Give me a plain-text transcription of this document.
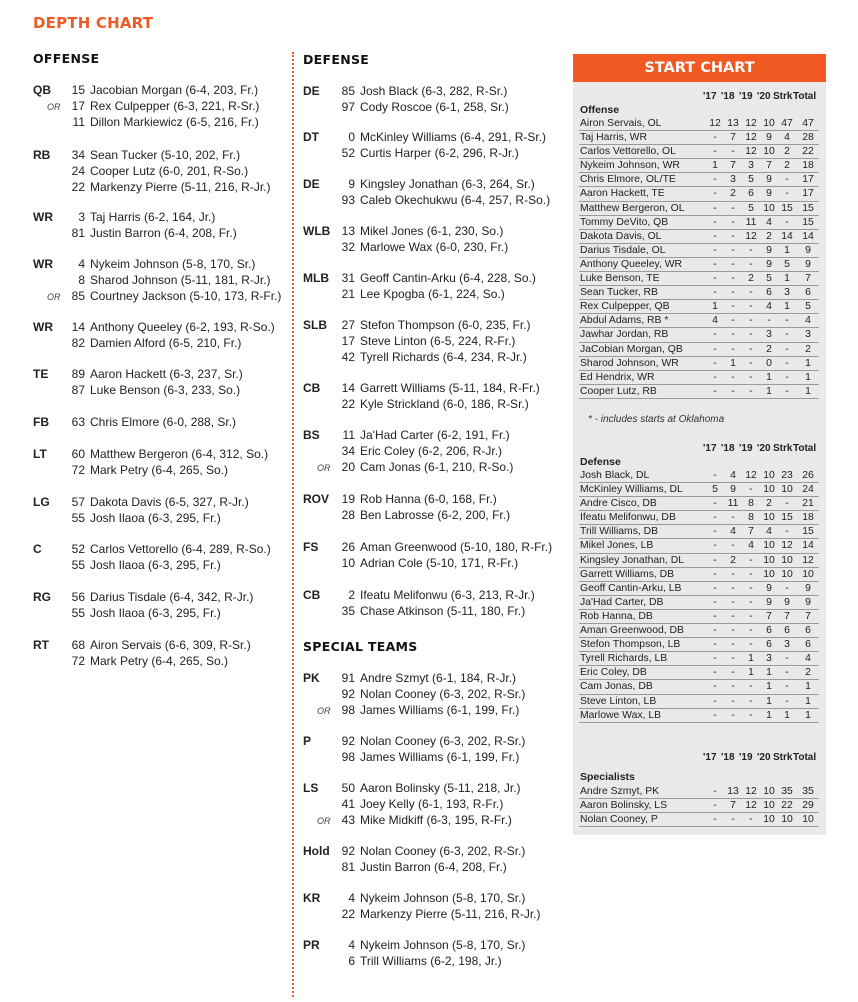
DEPTH CHART
OFFENSE	DEFENSE
SPECIAL TEAMS
QB	15 Jacobian Morgan (6-4, 203, Fr.)
OR 17 Rex Culpepper (6-3, 221, R-Sr.)
11 Dillon Markiewicz (6-5, 216, Fr.)
RB	34 Sean Tucker (5-10, 202, Fr.)
24 Cooper Lutz (6-0, 201, R-So.)
22 Markenzy Pierre (5-11, 216, R-Jr.)
WR	3 Taj Harris (6-2, 164, Jr.)
81 Justin Barron (6-4, 208, Fr.)
WR	4 Nykeim Johnson (5-8, 170, Sr.)
8 Sharod Johnson (5-11, 181, R-Jr.)
OR 85 Courtney Jackson (5-10, 173, R-Fr.)
WR	14 Anthony Queeley (6-2, 193, R-So.)
82 Damien Alford (6-5, 210, Fr.)
TE	89 Aaron Hackett (6-3, 237, Sr.)
87 Luke Benson (6-3, 233, So.)
FB	63 Chris Elmore (6-0, 288, Sr.)
LT	60 Matthew Bergeron (6-4, 312, So.)
72 Mark Petry (6-4, 265, So.)
LG	57 Dakota Davis (6-5, 327, R-Jr.)
55 Josh Ilaoa (6-3, 295, Fr.)
C	52 Carlos Vettorello (6-4, 289, R-So.)
55 Josh Ilaoa (6-3, 295, Fr.)
RG	56 Darius Tisdale (6-4, 342, R-Jr.)
55 Josh Ilaoa (6-3, 295, Fr.)
RT	68 Airon Servais (6-6, 309, R-Sr.)
72 Mark Petry (6-4, 265, So.)
DE	85 Josh Black (6-3, 282, R-Sr.)
97 Cody Roscoe (6-1, 258, Sr.)
DT	0 McKinley Williams (6-4, 291, R-Sr.)
52 Curtis Harper (6-2, 296, R-Jr.)
DE	9 Kingsley Jonathan (6-3, 264, Sr.)
93 Caleb Okechukwu (6-4, 257, R-So.)
WLB 13 Mikel Jones (6-1, 230, So.)
32 Marlowe Wax (6-0, 230, Fr.)
MLB	31 Geoff Cantin-Arku (6-4, 228, So.)
21 Lee Kpogba (6-1, 224, So.)
SLB	27 Stefon Thompson (6-0, 235, Fr.)
17 Steve Linton (6-5, 224, R-Fr.)
42 Tyrell Richards (6-4, 234, R-Jr.)
CB	14 Garrett Williams (5-11, 184, R-Fr.)
22 Kyle Strickland (6-0, 186, R-Sr.)
BS	11 Ja'Had Carter (6-2, 191, Fr.)
34 Eric Coley (6-2, 206, R-Jr.)
OR 20 Cam Jonas (6-1, 210, R-So.)
ROV	19 Rob Hanna (6-0, 168, Fr.)
28 Ben Labrosse (6-2, 200, Fr.)
FS	26 Aman Greenwood (5-10, 180, R-Fr.)
10 Adrian Cole (5-10, 171, R-Fr.)
CB	2 Ifeatu Melifonwu (6-3, 213, R-Jr.)
35 Chase Atkinson (5-11, 180, Fr.)
PK	91 Andre Szmyt (6-1, 184, R-Jr.)
92 Nolan Cooney (6-3, 202, R-Sr.)
OR 98 James Williams (6-1, 199, Fr.)
P	92 Nolan Cooney (6-3, 202, R-Sr.)
98 James Williams (6-1, 199, Fr.)
LS	50 Aaron Bolinsky (5-11, 218, Jr.)
41 Joey Kelly (6-1, 193, R-Fr.)
OR 43 Mike Midkiff (6-3, 195, R-Fr.)
Hold 92 Nolan Cooney (6-3, 202, R-Sr.)
81 Justin Barron (6-4, 208, Fr.)
KR	4 Nykeim Johnson (5-8, 170, Sr.)
22 Markenzy Pierre (5-11, 216, R-Jr.)
PR	4 Nykeim Johnson (5-8, 170, Sr.)
6 Trill Williams (6-2, 198, Jr.)
START CHART
'17 '18 '19 '20 Strk Total
Offense
Airon Servais, OL	12 13 12 10 47 47
Taj Harris, WR	-	7 12 9	4	28
Carlos Vettorello, OL	-	-	12 10 2	22
Nykeim Johnson, WR	1	7	3	7	2	18
Chris Elmore, OL/TE	-	3	5	9	-	17
Aaron Hackett, TE	-	2	6	9	-	17
Matthew Bergeron, OL	-	-	5 10 15 15
Tommy DeVito, QB	-	-	11 4	-	15
Dakota Davis, OL	-	-	12 2 14 14
Darius Tisdale, OL	-	-	-	9	1	9
Anthony Queeley, WR	-	-	-	9	5	9
Luke Benson, TE	-	-	2	5	1	7
Sean Tucker, RB	-	-	-	6	3	6
Rex Culpepper, QB	1	-	-	4	1	5
Abdul Adams, RB *	4	-	-	-	-	4
Jawhar Jordan, RB	-	-	-	3	-	3
JaCobian Morgan, QB	-	-	-	2	-	2
Sharod Johnson, WR	-	1	-	0	-	1
Ed Hendrix, WR	-	-	-	1	-	1
Cooper Lutz, RB	-	-	-	1	-	1
'17 '18 '19 '20 Strk Total
Defense
Josh Black, DL	-	4 12 10 23 26
McKinley Williams, DL	5	9	-	10 10 24
Andre Cisco, DB	-	11 8	2	-	21
Ifeatu Melifonwu, DB	-	-	8 10 15 18
Trill Williams, DB	-	4	7	4	-	15
Mikel Jones, LB	-	-	4 10 12 14
Kingsley Jonathan, DL	-	2	-	10 10 12
Garrett Williams, DB	-	-	-	10 10 10
Geoff Cantin-Arku, LB	-	-	-	9	-	9
Ja'Had Carter, DB	-	-	-	9	9	9
Rob Hanna, DB	-	-	-	7	7	7
Aman Greenwood, DB	-	-	-	6	6	6
Stefon Thompson, LB	-	-	-	6	3	6
Tyrell Richards, LB	-	-	1	3	-	4
Eric Coley, DB	-	-	1	1	-	2
Cam Jonas, DB	-	-	-	1	-	1
Steve Linton, LB	-	-	-	1	-	1
Marlowe Wax, LB	-	-	-	1	1	1
'17 '18 '19 '20 Strk Total
Specialists
Andre Szmyt, PK	-	13 12 10 35 35
Aaron Bolinsky, LS	-	7 12 10 22 29
Nolan Cooney, P	-	-	-	10 10 10
* - includes starts at Oklahoma
